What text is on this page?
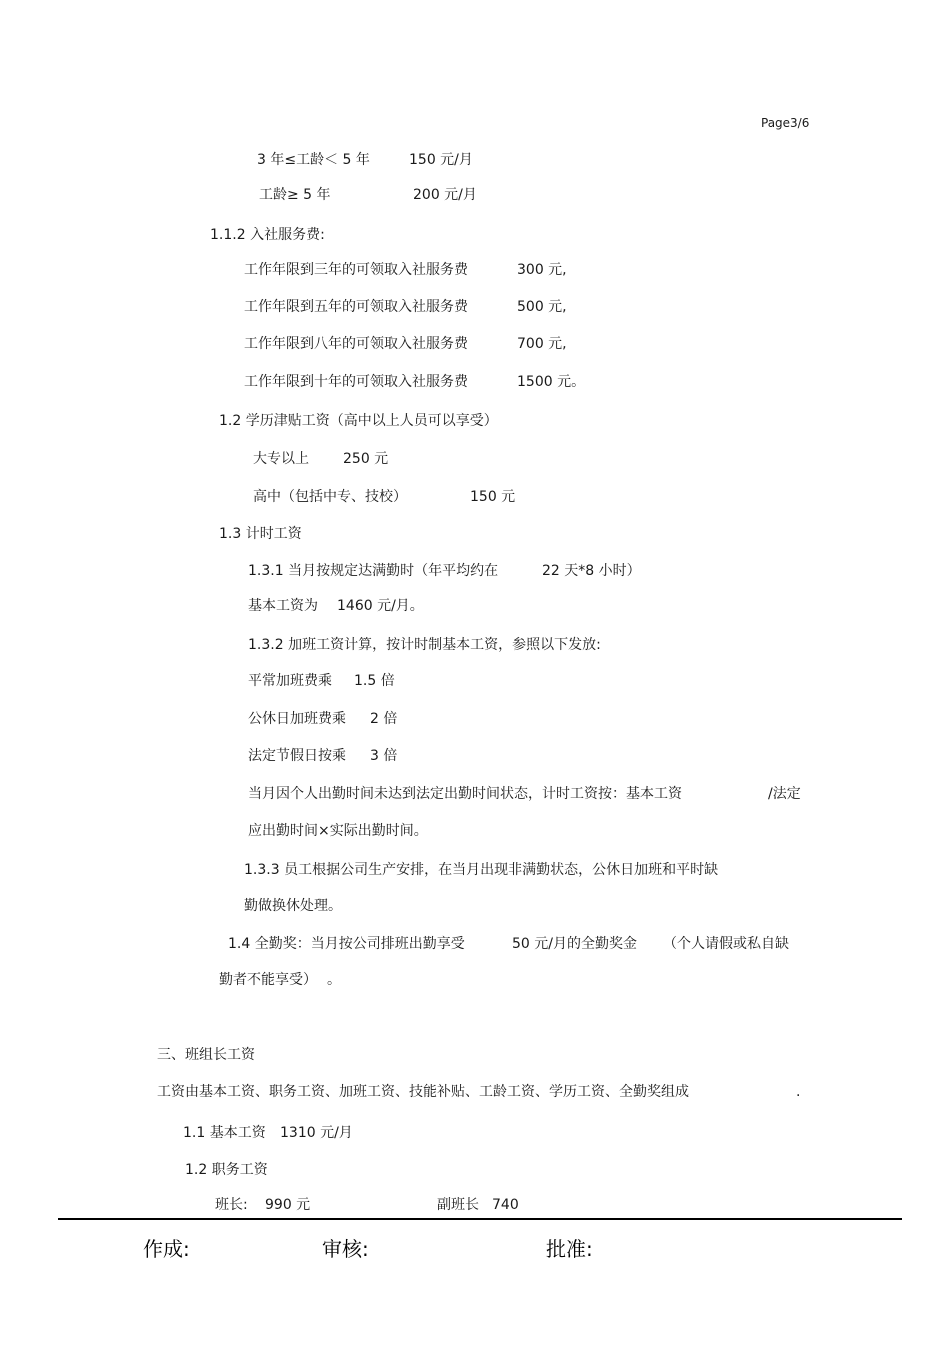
Page3/6
3 年≤工龄＜ 5 年	150 元/月
工龄≥ 5 年	200 元/月
1.1.2 入社服务费:
工作年限到三年的可领取入社服务费	300 元,
工作年限到五年的可领取入社服务费	500 元,
工作年限到八年的可领取入社服务费	700 元,
工作年限到十年的可领取入社服务费	1500 元。
1.2 学历津贴工资（高中以上人员可以享受）
大专以上 250 元
高中（包括中专、技校）	150 元
1.3 计时工资
1.3.1 当月按规定达满勤时（年平均约在	22 天*8 小时）
基本工资为 1460 元/月。
1.3.2 加班工资计算，按计时制基本工资，参照以下发放:
平常加班费乘 1.5 倍
公休日加班费乘 2 倍
法定节假日按乘 3 倍
当月因个人出勤时间未达到法定出勤时间状态，计时工资按：基本工资	/法定
应出勤时间×实际出勤时间。
1.3.3 员工根据公司生产安排，在当月出现非满勤状态，公休日加班和平时缺
勤做换休处理。
1.4 全勤奖：当月按公司排班出勤享受	50 元/月的全勤奖金 （个人请假或私自缺
勤者不能享受） 。
三、班组长工资
工资由基本工资、职务工资、加班工资、技能补贴、工龄工资、学历工资、全勤奖组成	.
1.1 基本工资 1310 元/月
1.2 职务工资
班长: 990 元	副班长 740
作成:	审核:	批准:
